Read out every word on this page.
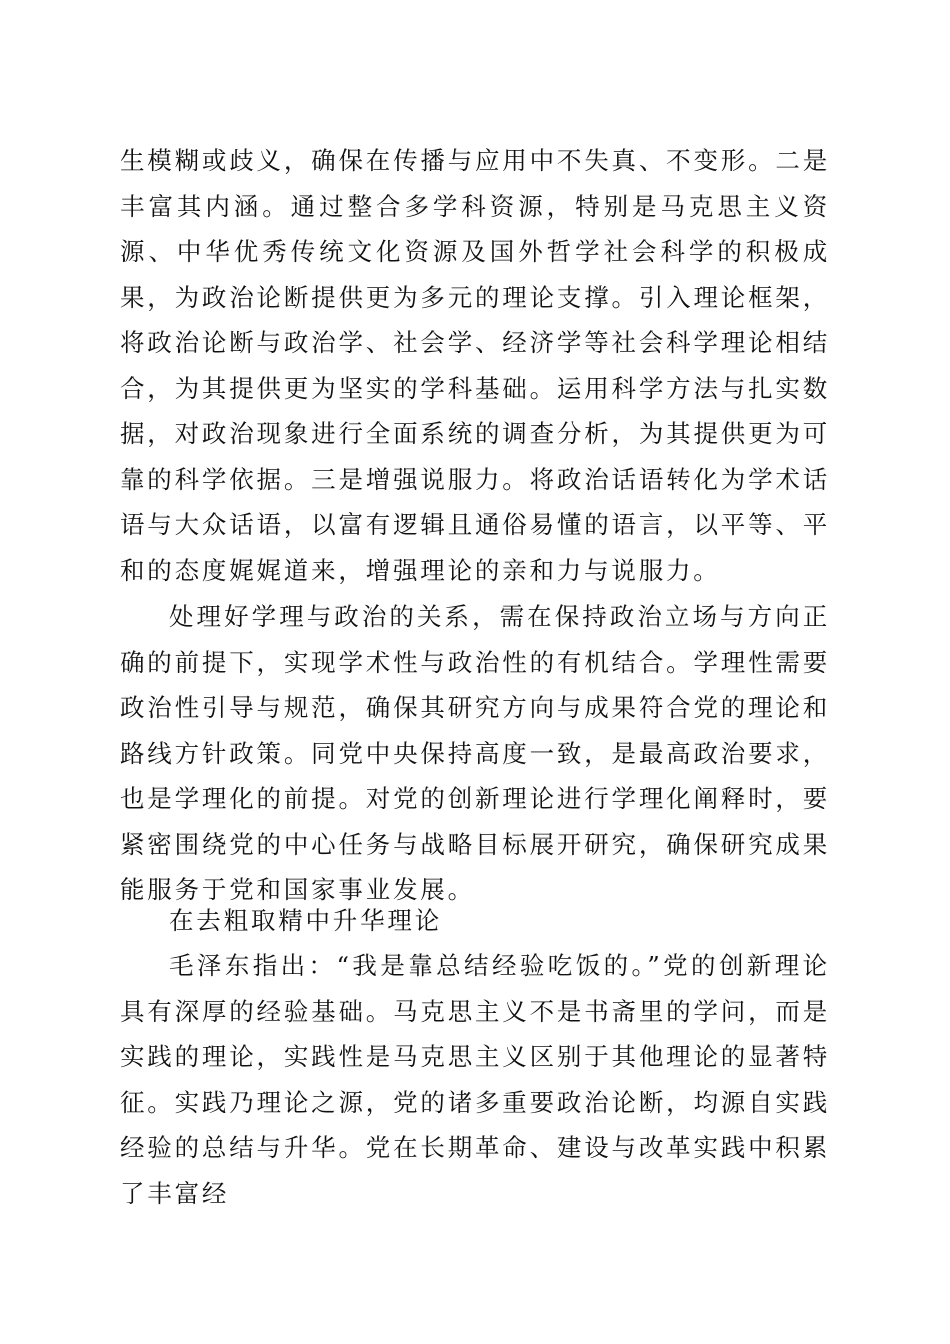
生模糊或歧义，确保在传播与应用中不失真、不变形。二是丰富其内涵。通过整合多学科资源，特别是马克思主义资源、中华优秀传统文化资源及国外哲学社会科学的积极成果，为政治论断提供更为多元的理论支撑。引入理论框架，将政治论断与政治学、社会学、经济学等社会科学理论相结合，为其提供更为坚实的学科基础。运用科学方法与扎实数据，对政治现象进行全面系统的调查分析，为其提供更为可靠的科学依据。三是增强说服力。将政治话语转化为学术话语与大众话语，以富有逻辑且通俗易懂的语言，以平等、平和的态度娓娓道来，增强理论的亲和力与说服力。

处理好学理与政治的关系，需在保持政治立场与方向正确的前提下，实现学术性与政治性的有机结合。学理性需要政治性引导与规范，确保其研究方向与成果符合党的理论和路线方针政策。同党中央保持高度一致，是最高政治要求，也是学理化的前提。对党的创新理论进行学理化阐释时，要紧密围绕党的中心任务与战略目标展开研究，确保研究成果能服务于党和国家事业发展。

在去粗取精中升华理论

毛泽东指出：“我是靠总结经验吃饭的。”党的创新理论具有深厚的经验基础。马克思主义不是书斋里的学问，而是实践的理论，实践性是马克思主义区别于其他理论的显著特征。实践乃理论之源，党的诸多重要政治论断，均源自实践经验的总结与升华。党在长期革命、建设与改革实践中积累了丰富经
